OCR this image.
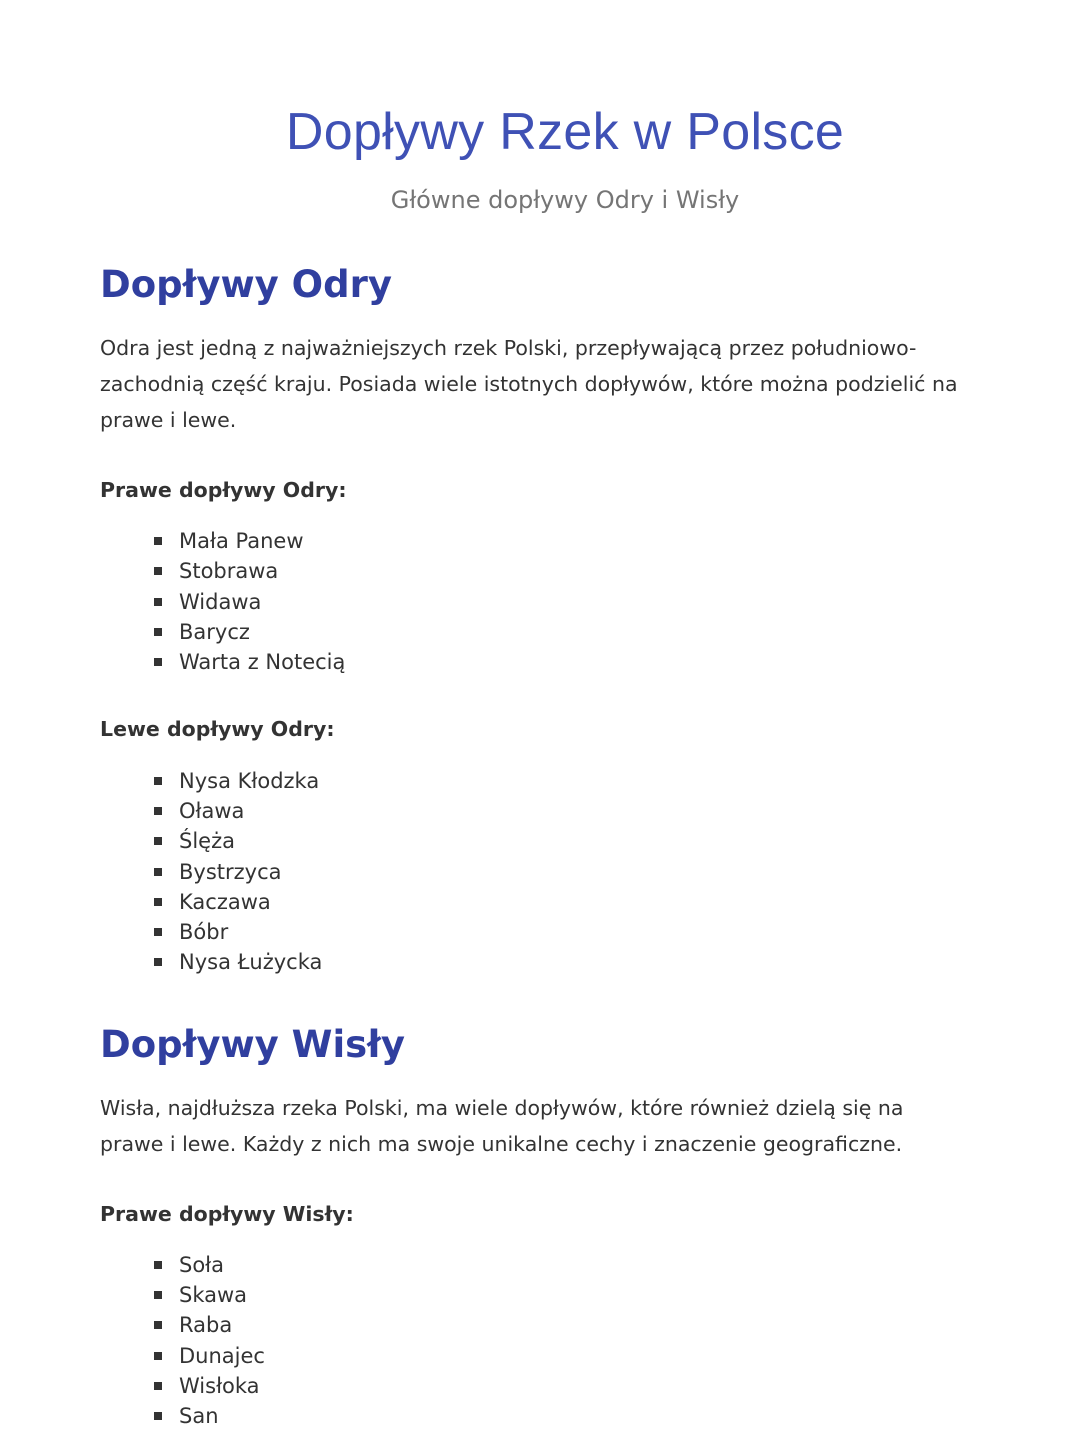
Dopływy Rzek w Polsce

Główne dopływy Odry i Wisły

Dopływy Odry

Odra jest jedną z najważniejszych rzek Polski, przepływającą przez południowo-zachodnią część kraju. Posiada wiele istotnych dopływów, które można podzielić na prawe i lewe.

Prawe dopływy Odry:
Mała Panew
Stobrawa
Widawa
Barycz
Warta z Notecią
Lewe dopływy Odry:
Nysa Kłodzka
Oława
Ślęża
Bystrzyca
Kaczawa
Bóbr
Nysa Łużycka
Dopływy Wisły

Wisła, najdłuższa rzeka Polski, ma wiele dopływów, które również dzielą się na prawe i lewe. Każdy z nich ma swoje unikalne cechy i znaczenie geograficzne.

Prawe dopływy Wisły:
Soła
Skawa
Raba
Dunajec
Wisłoka
San
